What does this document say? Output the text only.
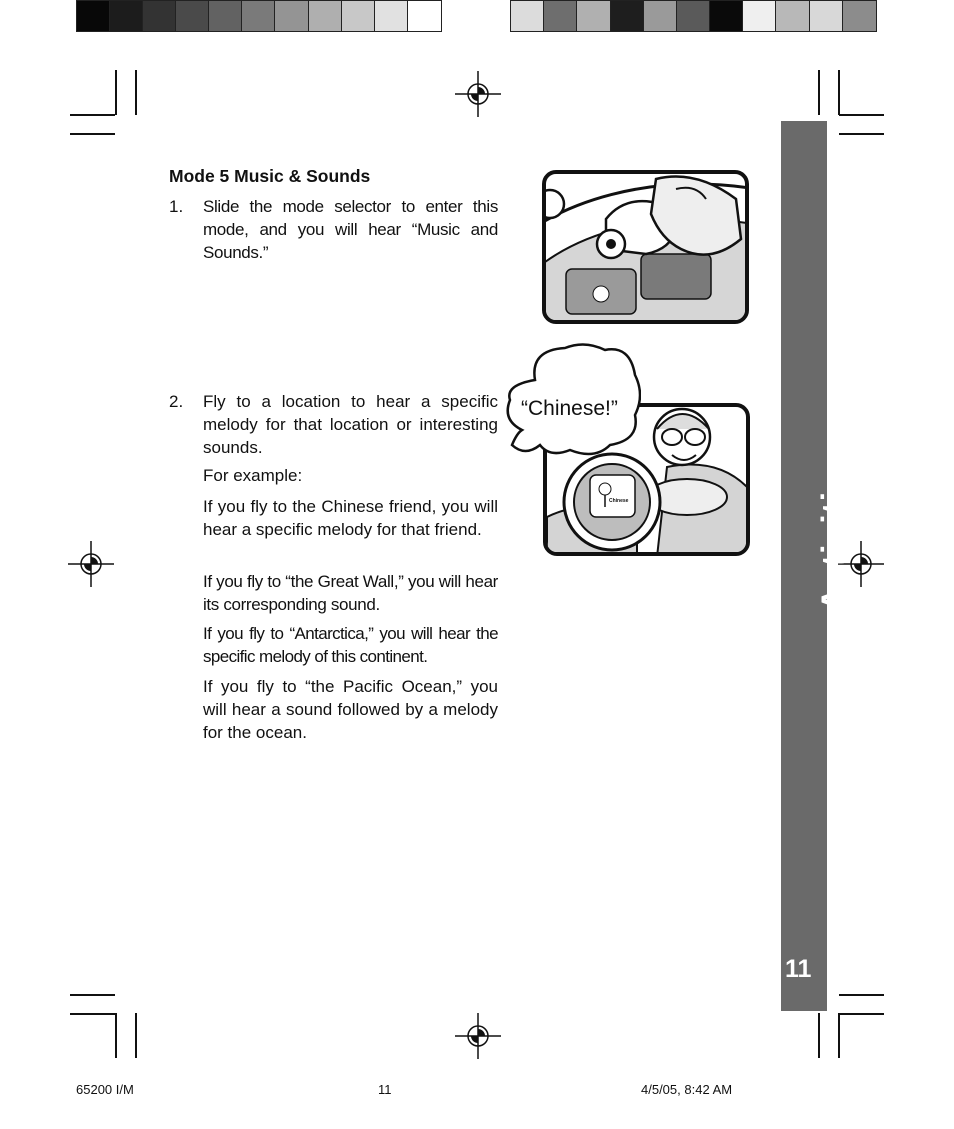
Mode 5 Music & Sounds
1. Slide the mode selector to enter this mode, and you will hear “Music and Sounds.”
2. Fly to a location to hear a specific melody for that location or interesting sounds.
For example:
If you fly to the Chinese friend, you will hear a specific melody for that friend.
If you fly to “the Great Wall,” you will hear its corresponding sound.
If you fly to “Antarctica,” you will hear the specific melody of this continent.
If you fly to “the Pacific Ocean,” you will hear a sound followed by a melody for the ocean.
Chinese
“Chinese!”
Activities
11
65200 I/M	11	4/5/05, 8:42 AM
